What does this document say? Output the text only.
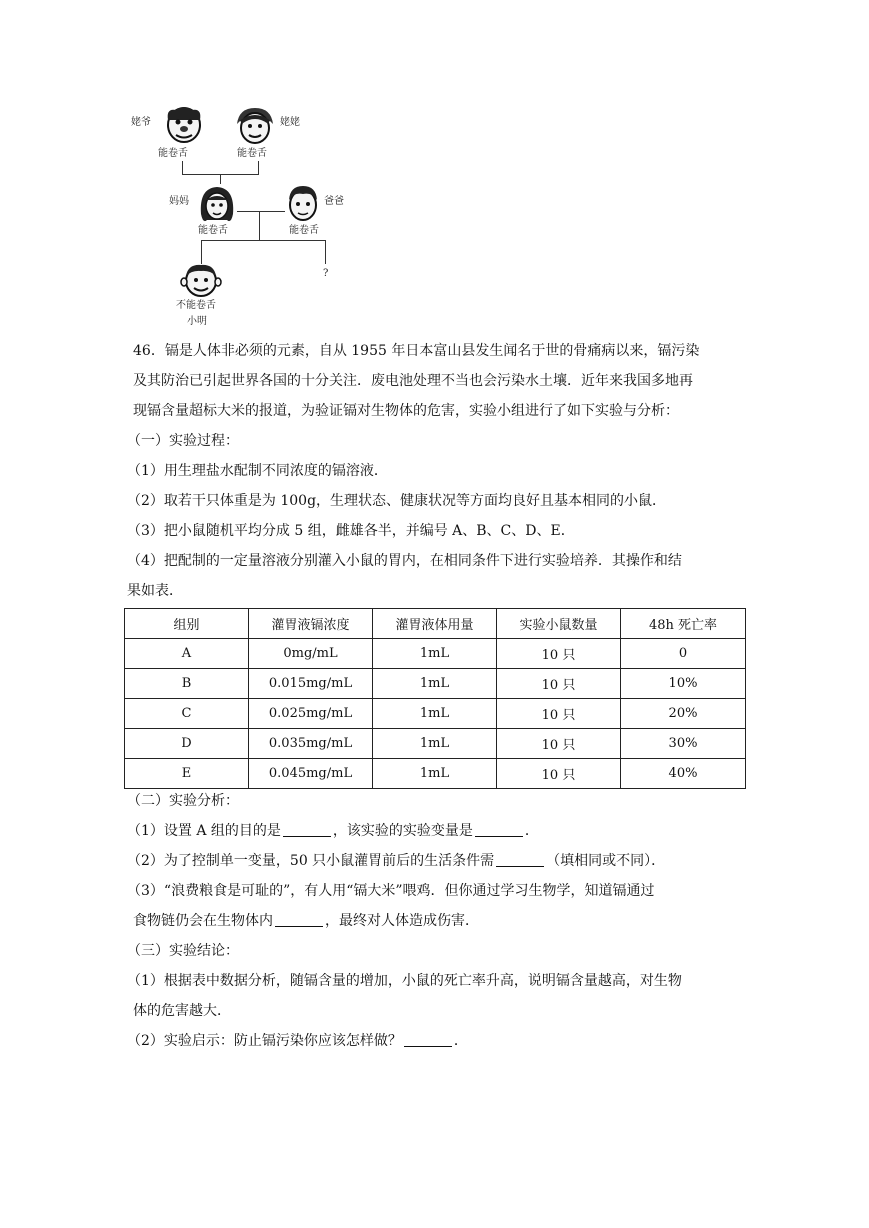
姥爷
能卷舌
姥姥
能卷舌
妈妈
能卷舌
爸爸
能卷舌
不能卷舌
小明
?
46．镉是人体非必须的元素，自从 1955 年日本富山县发生闻名于世的骨痛病以来，镉污染
及其防治已引起世界各国的十分关注．废电池处理不当也会污染水土壤．近年来我国多地再
现镉含量超标大米的报道，为验证镉对生物体的危害，实验小组进行了如下实验与分析：
（一）实验过程：
（1）用生理盐水配制不同浓度的镉溶液．
（2）取若干只体重是为 100g，生理状态、健康状况等方面均良好且基本相同的小鼠．
（3）把小鼠随机平均分成 5 组，雌雄各半，并编号 A、B、C、D、E．
（4）把配制的一定量溶液分别灌入小鼠的胃内，在相同条件下进行实验培养．其操作和结
果如表．
组别	灌胃液镉浓度	灌胃液体用量	实验小鼠数量	48h 死亡率
A	0mg/mL	1mL	10 只	0
B	0.015mg/mL	1mL	10 只	10%
C	0.025mg/mL	1mL	10 只	20%
D	0.035mg/mL	1mL	10 只	30%
E	0.045mg/mL	1mL	10 只	40%
（二）实验分析：
（1）设置 A 组的目的是	，该实验的实验变量是	．
（2）为了控制单一变量，50 只小鼠灌胃前后的生活条件需	（填相同或不同）．
（3）“浪费粮食是可耻的”，有人用“镉大米”喂鸡．但你通过学习生物学，知道镉通过
食物链仍会在生物体内	，最终对人体造成伤害．
（三）实验结论：
（1）根据表中数据分析，随镉含量的增加，小鼠的死亡率升高，说明镉含量越高，对生物
体的危害越大．
（2）实验启示：防止镉污染你应该怎样做？	．
